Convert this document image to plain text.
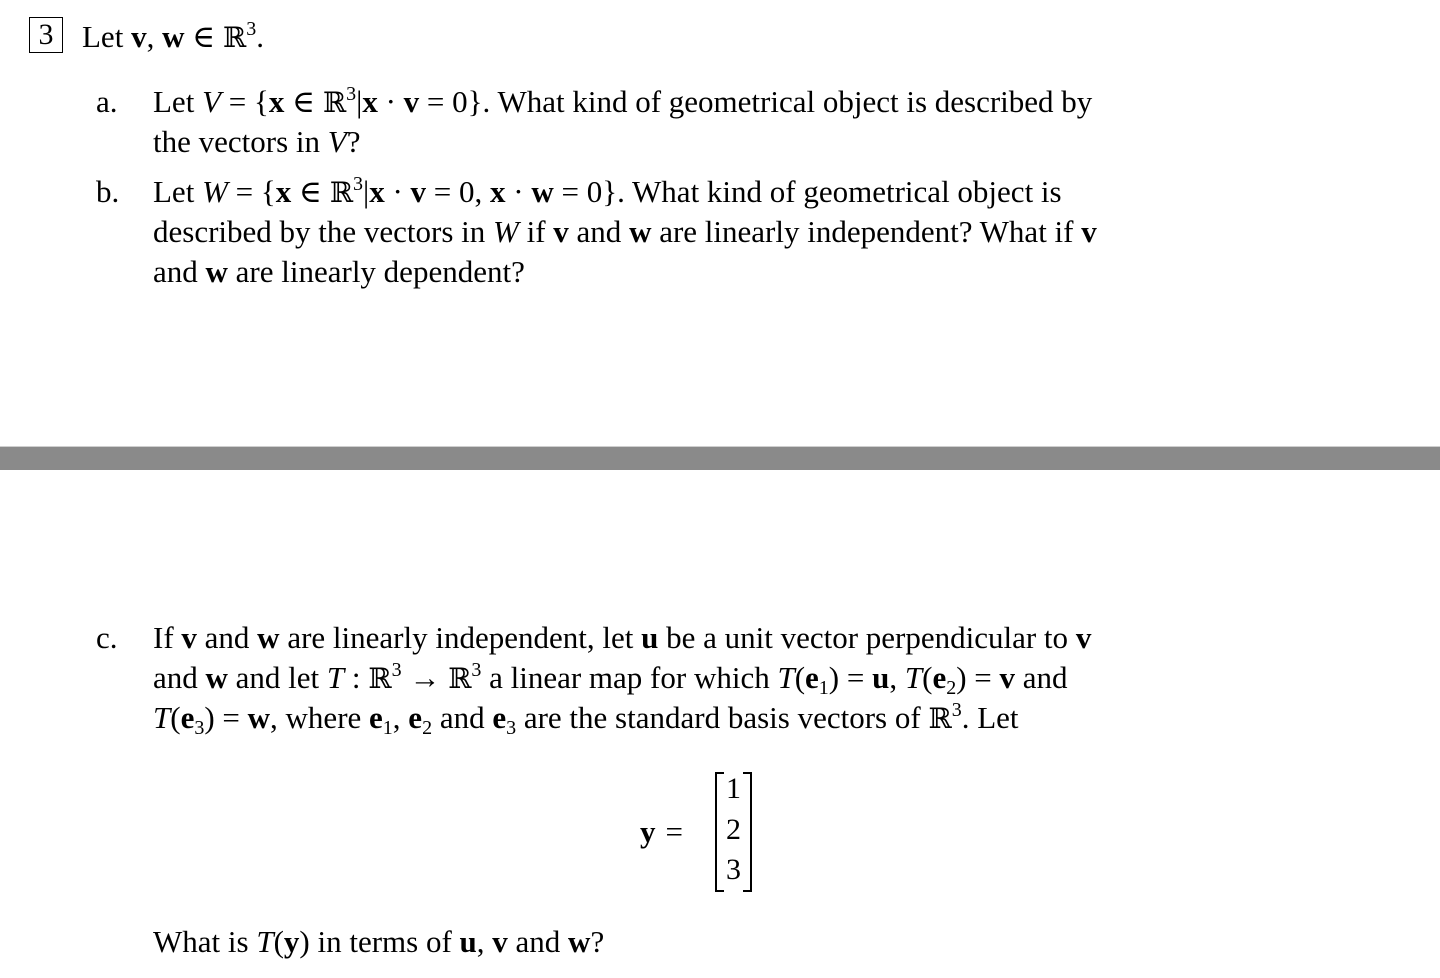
3 Let v, w ∈ ℝ$^3$.
a. Let V = {x ∈ ℝ$^3$|x · v = 0}. What kind of geometrical object is described by
the vectors in V?
b. Let W = {x ∈ ℝ$^3$|x · v = 0, x · w = 0}. What kind of geometrical object is
described by the vectors in W if v and w are linearly independent? What if v
and w are linearly dependent?
c. If v and w are linearly independent, let u be a unit vector perpendicular to v
and w and let T : ℝ$^3$ → ℝ$^3$ a linear map for which $T(e_1) = u$, $T(e_2) = v$ and
$T(e_3) = w$, where $e_1$, $e_2$ and $e_3$ are the standard basis vectors of ℝ$^3$. Let
y =
1
2
3
What is T(y) in terms of u, v and w?
